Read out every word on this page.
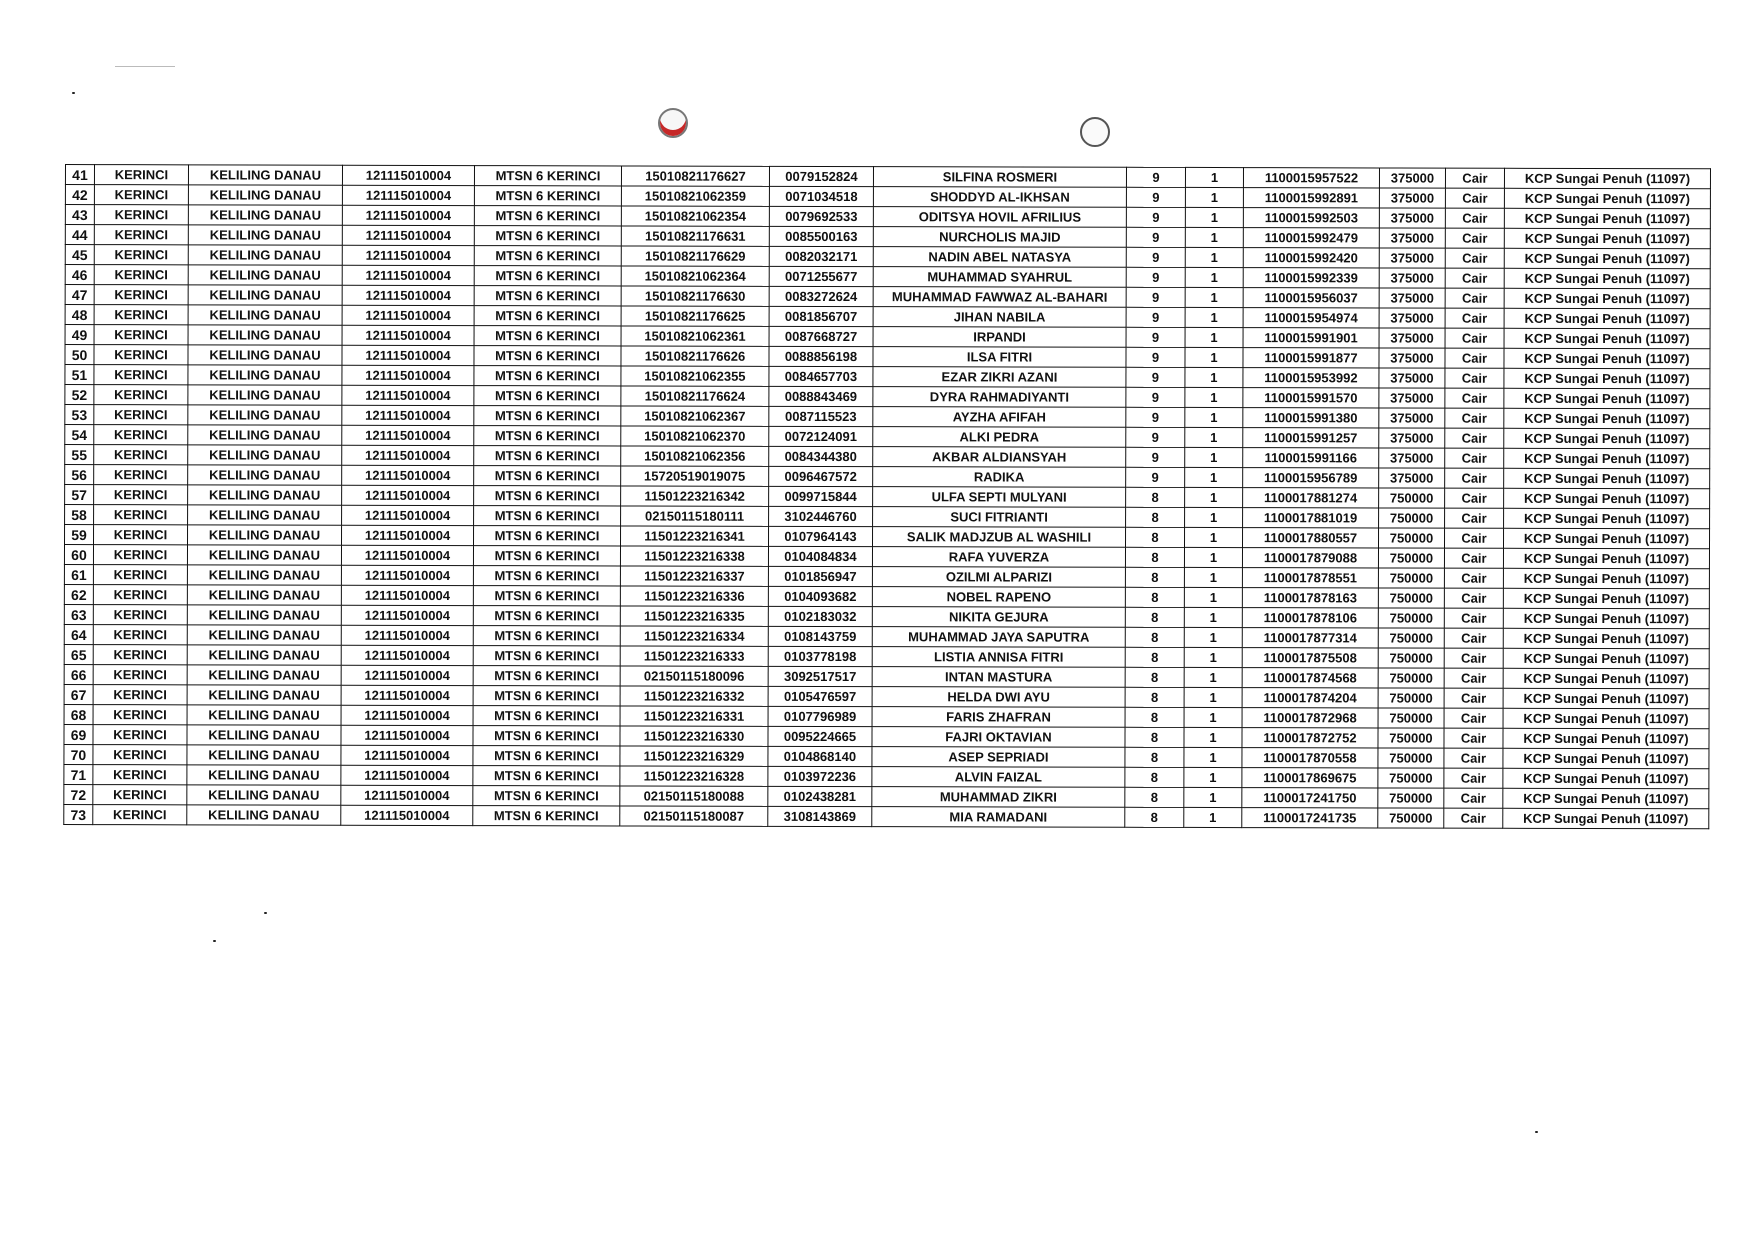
41	KERINCI	KELILING DANAU	121115010004	MTSN 6 KERINCI	15010821176627	0079152824	SILFINA ROSMERI	9	1	1100015957522	375000	Cair	KCP Sungai Penuh (11097)
42	KERINCI	KELILING DANAU	121115010004	MTSN 6 KERINCI	15010821062359	0071034518	SHODDYD AL-IKHSAN	9	1	1100015992891	375000	Cair	KCP Sungai Penuh (11097)
43	KERINCI	KELILING DANAU	121115010004	MTSN 6 KERINCI	15010821062354	0079692533	ODITSYA HOVIL AFRILIUS	9	1	1100015992503	375000	Cair	KCP Sungai Penuh (11097)
44	KERINCI	KELILING DANAU	121115010004	MTSN 6 KERINCI	15010821176631	0085500163	NURCHOLIS MAJID	9	1	1100015992479	375000	Cair	KCP Sungai Penuh (11097)
45	KERINCI	KELILING DANAU	121115010004	MTSN 6 KERINCI	15010821176629	0082032171	NADIN ABEL NATASYA	9	1	1100015992420	375000	Cair	KCP Sungai Penuh (11097)
46	KERINCI	KELILING DANAU	121115010004	MTSN 6 KERINCI	15010821062364	0071255677	MUHAMMAD SYAHRUL	9	1	1100015992339	375000	Cair	KCP Sungai Penuh (11097)
47	KERINCI	KELILING DANAU	121115010004	MTSN 6 KERINCI	15010821176630	0083272624	MUHAMMAD FAWWAZ AL-BAHARI	9	1	1100015956037	375000	Cair	KCP Sungai Penuh (11097)
48	KERINCI	KELILING DANAU	121115010004	MTSN 6 KERINCI	15010821176625	0081856707	JIHAN NABILA	9	1	1100015954974	375000	Cair	KCP Sungai Penuh (11097)
49	KERINCI	KELILING DANAU	121115010004	MTSN 6 KERINCI	15010821062361	0087668727	IRPANDI	9	1	1100015991901	375000	Cair	KCP Sungai Penuh (11097)
50	KERINCI	KELILING DANAU	121115010004	MTSN 6 KERINCI	15010821176626	0088856198	ILSA FITRI	9	1	1100015991877	375000	Cair	KCP Sungai Penuh (11097)
51	KERINCI	KELILING DANAU	121115010004	MTSN 6 KERINCI	15010821062355	0084657703	EZAR ZIKRI AZANI	9	1	1100015953992	375000	Cair	KCP Sungai Penuh (11097)
52	KERINCI	KELILING DANAU	121115010004	MTSN 6 KERINCI	15010821176624	0088843469	DYRA RAHMADIYANTI	9	1	1100015991570	375000	Cair	KCP Sungai Penuh (11097)
53	KERINCI	KELILING DANAU	121115010004	MTSN 6 KERINCI	15010821062367	0087115523	AYZHA AFIFAH	9	1	1100015991380	375000	Cair	KCP Sungai Penuh (11097)
54	KERINCI	KELILING DANAU	121115010004	MTSN 6 KERINCI	15010821062370	0072124091	ALKI PEDRA	9	1	1100015991257	375000	Cair	KCP Sungai Penuh (11097)
55	KERINCI	KELILING DANAU	121115010004	MTSN 6 KERINCI	15010821062356	0084344380	AKBAR ALDIANSYAH	9	1	1100015991166	375000	Cair	KCP Sungai Penuh (11097)
56	KERINCI	KELILING DANAU	121115010004	MTSN 6 KERINCI	15720519019075	0096467572	RADIKA	9	1	1100015956789	375000	Cair	KCP Sungai Penuh (11097)
57	KERINCI	KELILING DANAU	121115010004	MTSN 6 KERINCI	11501223216342	0099715844	ULFA SEPTI MULYANI	8	1	1100017881274	750000	Cair	KCP Sungai Penuh (11097)
58	KERINCI	KELILING DANAU	121115010004	MTSN 6 KERINCI	02150115180111	3102446760	SUCI FITRIANTI	8	1	1100017881019	750000	Cair	KCP Sungai Penuh (11097)
59	KERINCI	KELILING DANAU	121115010004	MTSN 6 KERINCI	11501223216341	0107964143	SALIK MADJZUB AL WASHILI	8	1	1100017880557	750000	Cair	KCP Sungai Penuh (11097)
60	KERINCI	KELILING DANAU	121115010004	MTSN 6 KERINCI	11501223216338	0104084834	RAFA YUVERZA	8	1	1100017879088	750000	Cair	KCP Sungai Penuh (11097)
61	KERINCI	KELILING DANAU	121115010004	MTSN 6 KERINCI	11501223216337	0101856947	OZILMI ALPARIZI	8	1	1100017878551	750000	Cair	KCP Sungai Penuh (11097)
62	KERINCI	KELILING DANAU	121115010004	MTSN 6 KERINCI	11501223216336	0104093682	NOBEL RAPENO	8	1	1100017878163	750000	Cair	KCP Sungai Penuh (11097)
63	KERINCI	KELILING DANAU	121115010004	MTSN 6 KERINCI	11501223216335	0102183032	NIKITA GEJURA	8	1	1100017878106	750000	Cair	KCP Sungai Penuh (11097)
64	KERINCI	KELILING DANAU	121115010004	MTSN 6 KERINCI	11501223216334	0108143759	MUHAMMAD JAYA SAPUTRA	8	1	1100017877314	750000	Cair	KCP Sungai Penuh (11097)
65	KERINCI	KELILING DANAU	121115010004	MTSN 6 KERINCI	11501223216333	0103778198	LISTIA ANNISA FITRI	8	1	1100017875508	750000	Cair	KCP Sungai Penuh (11097)
66	KERINCI	KELILING DANAU	121115010004	MTSN 6 KERINCI	02150115180096	3092517517	INTAN MASTURA	8	1	1100017874568	750000	Cair	KCP Sungai Penuh (11097)
67	KERINCI	KELILING DANAU	121115010004	MTSN 6 KERINCI	11501223216332	0105476597	HELDA DWI AYU	8	1	1100017874204	750000	Cair	KCP Sungai Penuh (11097)
68	KERINCI	KELILING DANAU	121115010004	MTSN 6 KERINCI	11501223216331	0107796989	FARIS ZHAFRAN	8	1	1100017872968	750000	Cair	KCP Sungai Penuh (11097)
69	KERINCI	KELILING DANAU	121115010004	MTSN 6 KERINCI	11501223216330	0095224665	FAJRI OKTAVIAN	8	1	1100017872752	750000	Cair	KCP Sungai Penuh (11097)
70	KERINCI	KELILING DANAU	121115010004	MTSN 6 KERINCI	11501223216329	0104868140	ASEP SEPRIADI	8	1	1100017870558	750000	Cair	KCP Sungai Penuh (11097)
71	KERINCI	KELILING DANAU	121115010004	MTSN 6 KERINCI	11501223216328	0103972236	ALVIN FAIZAL	8	1	1100017869675	750000	Cair	KCP Sungai Penuh (11097)
72	KERINCI	KELILING DANAU	121115010004	MTSN 6 KERINCI	02150115180088	0102438281	MUHAMMAD ZIKRI	8	1	1100017241750	750000	Cair	KCP Sungai Penuh (11097)
73	KERINCI	KELILING DANAU	121115010004	MTSN 6 KERINCI	02150115180087	3108143869	MIA RAMADANI	8	1	1100017241735	750000	Cair	KCP Sungai Penuh (11097)
